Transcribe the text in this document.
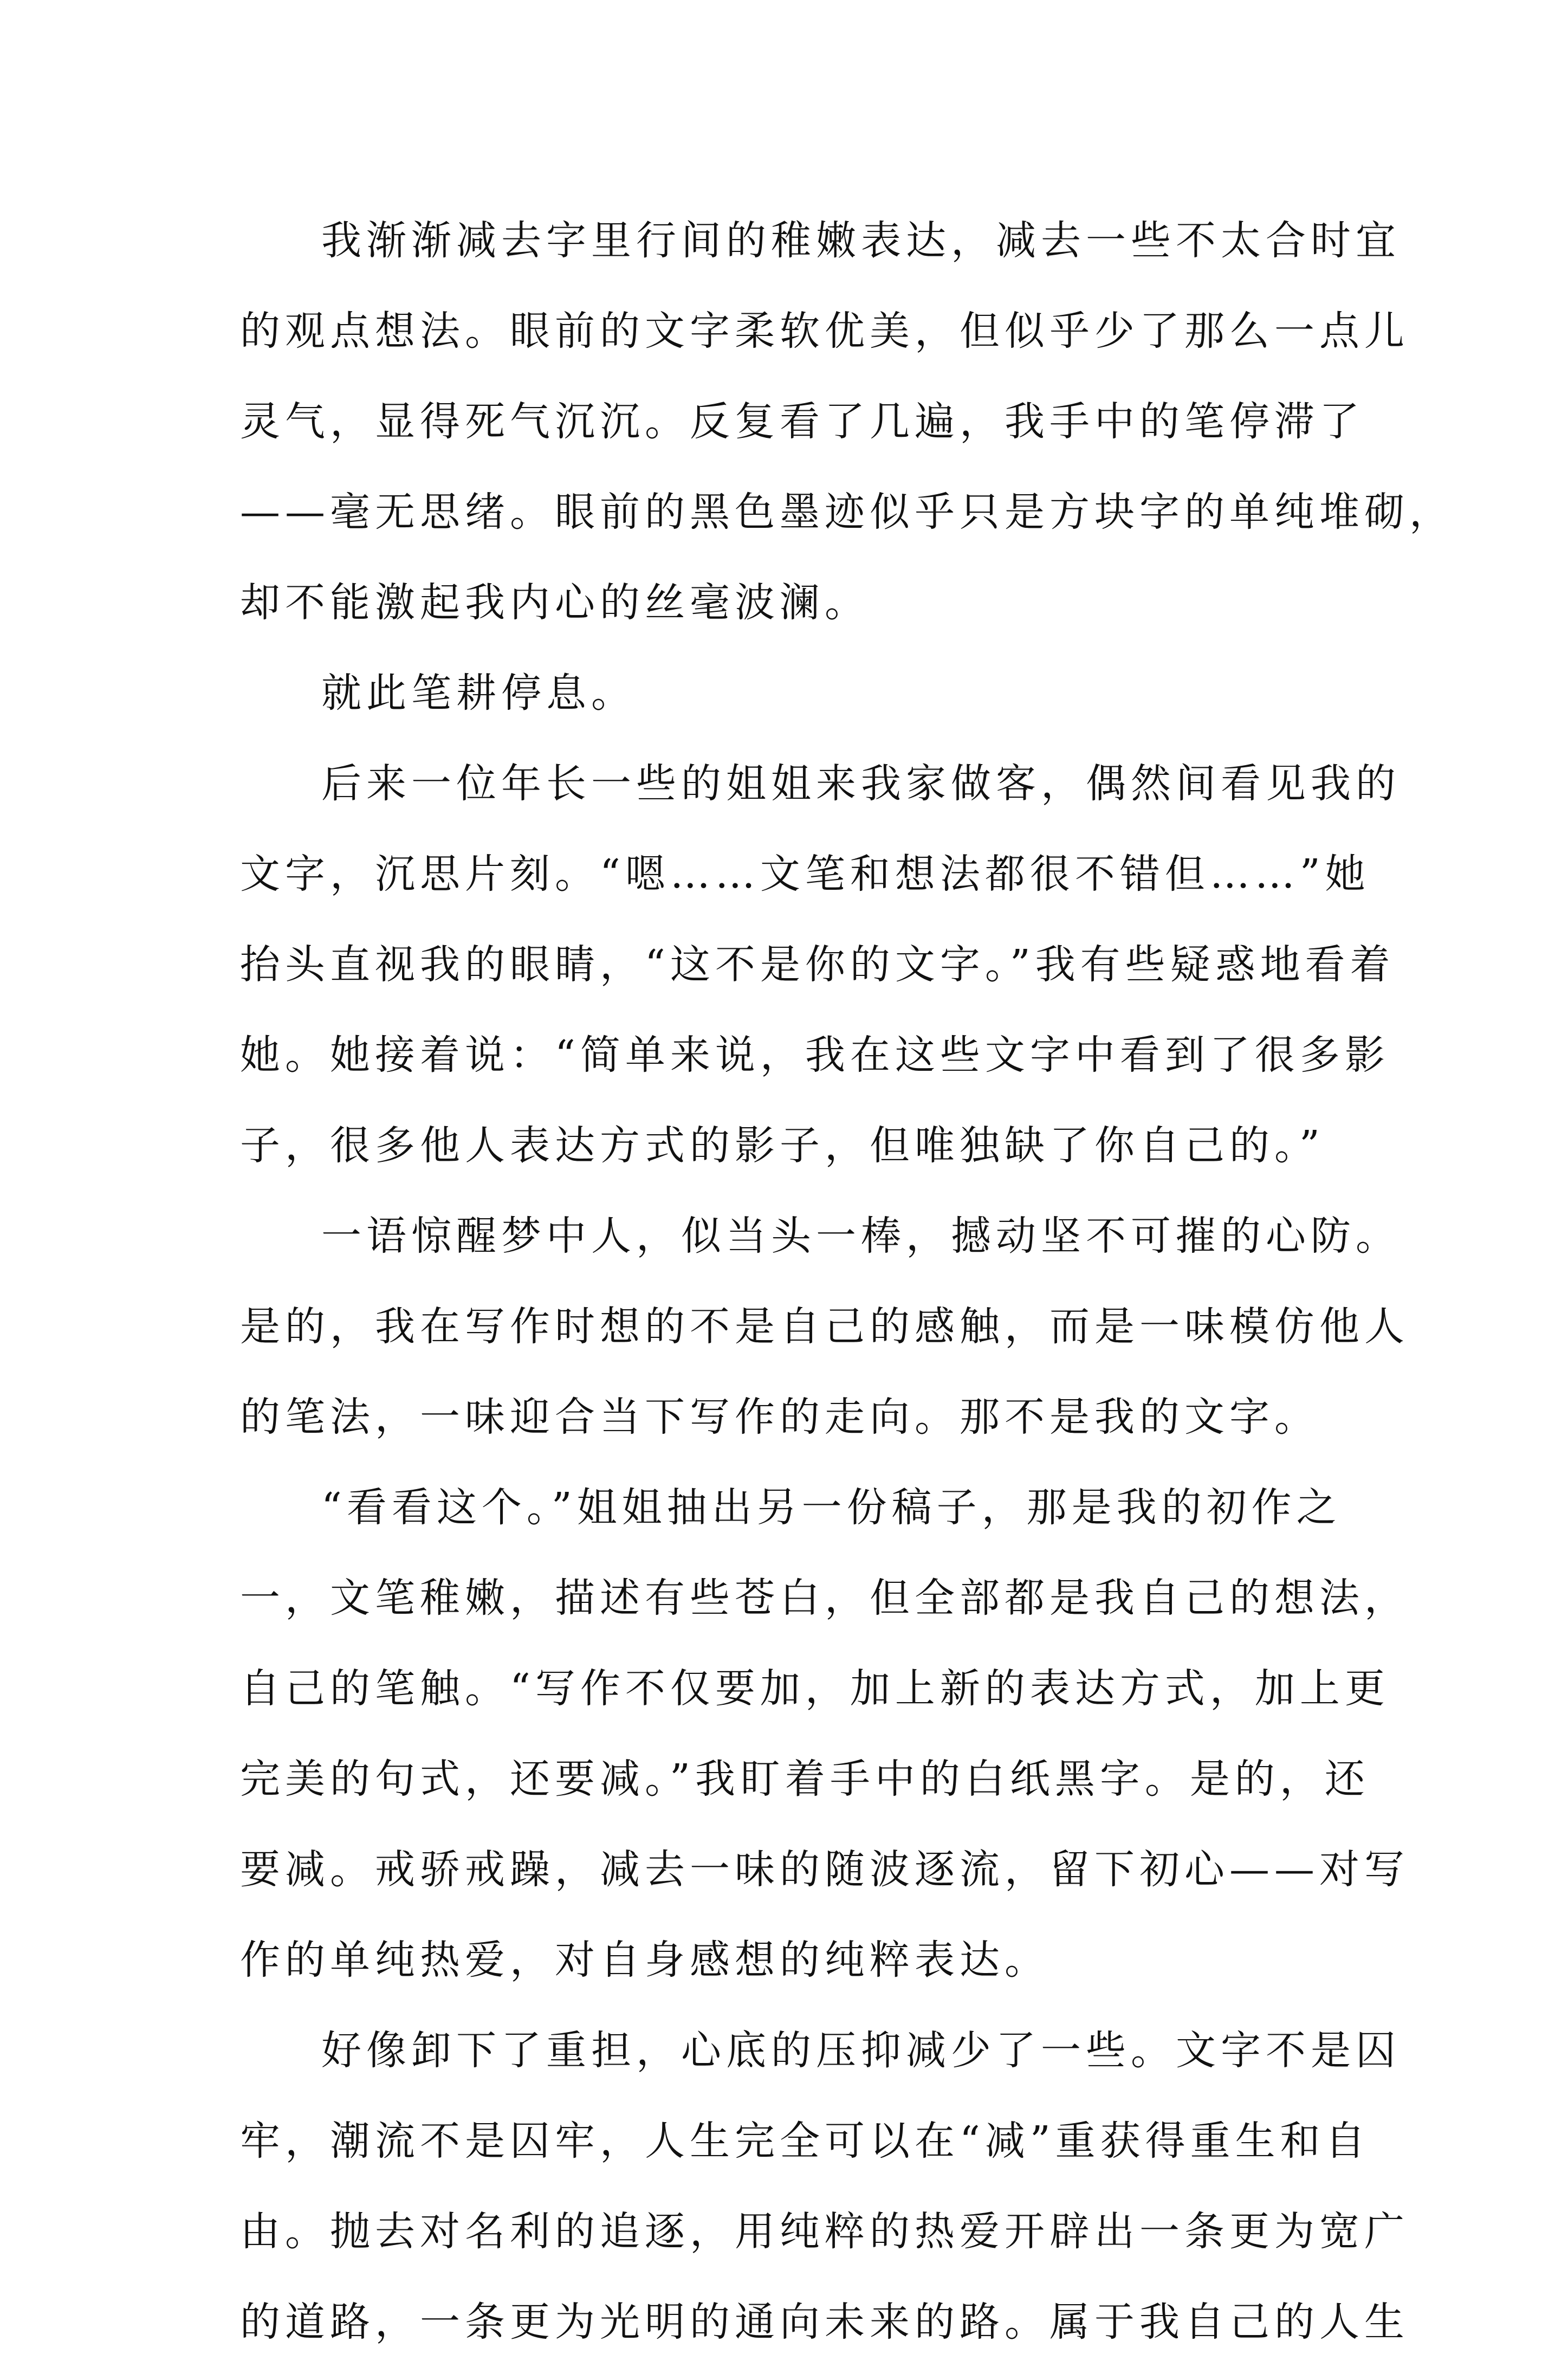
我渐渐减去字里行间的稚嫩表达，减去一些不太合时宜
的观点想法。眼前的文字柔软优美，但似乎少了那么一点儿
灵气，显得死气沉沉。反复看了几遍，我手中的笔停滞了
——毫无思绪。眼前的黑色墨迹似乎只是方块字的单纯堆砌，
却不能激起我内心的丝毫波澜。
就此笔耕停息。
后来一位年长一些的姐姐来我家做客，偶然间看见我的
文字，沉思片刻。“嗯……文笔和想法都很不错但……”她
抬头直视我的眼睛，“这不是你的文字。”我有些疑惑地看着
她。她接着说：“简单来说，我在这些文字中看到了很多影
子，很多他人表达方式的影子，但唯独缺了你自己的。”
一语惊醒梦中人，似当头一棒，撼动坚不可摧的心防。
是的，我在写作时想的不是自己的感触，而是一味模仿他人
的笔法，一味迎合当下写作的走向。那不是我的文字。
“看看这个。”姐姐抽出另一份稿子，那是我的初作之
一，文笔稚嫩，描述有些苍白，但全部都是我自己的想法，
自己的笔触。“写作不仅要加，加上新的表达方式，加上更
完美的句式，还要减。”我盯着手中的白纸黑字。是的，还
要减。戒骄戒躁，减去一味的随波逐流，留下初心——对写
作的单纯热爱，对自身感想的纯粹表达。
好像卸下了重担，心底的压抑减少了一些。文字不是囚
牢，潮流不是囚牢，人生完全可以在“减”重获得重生和自
由。抛去对名利的追逐，用纯粹的热爱开辟出一条更为宽广
的道路，一条更为光明的通向未来的路。属于我自己的人生
